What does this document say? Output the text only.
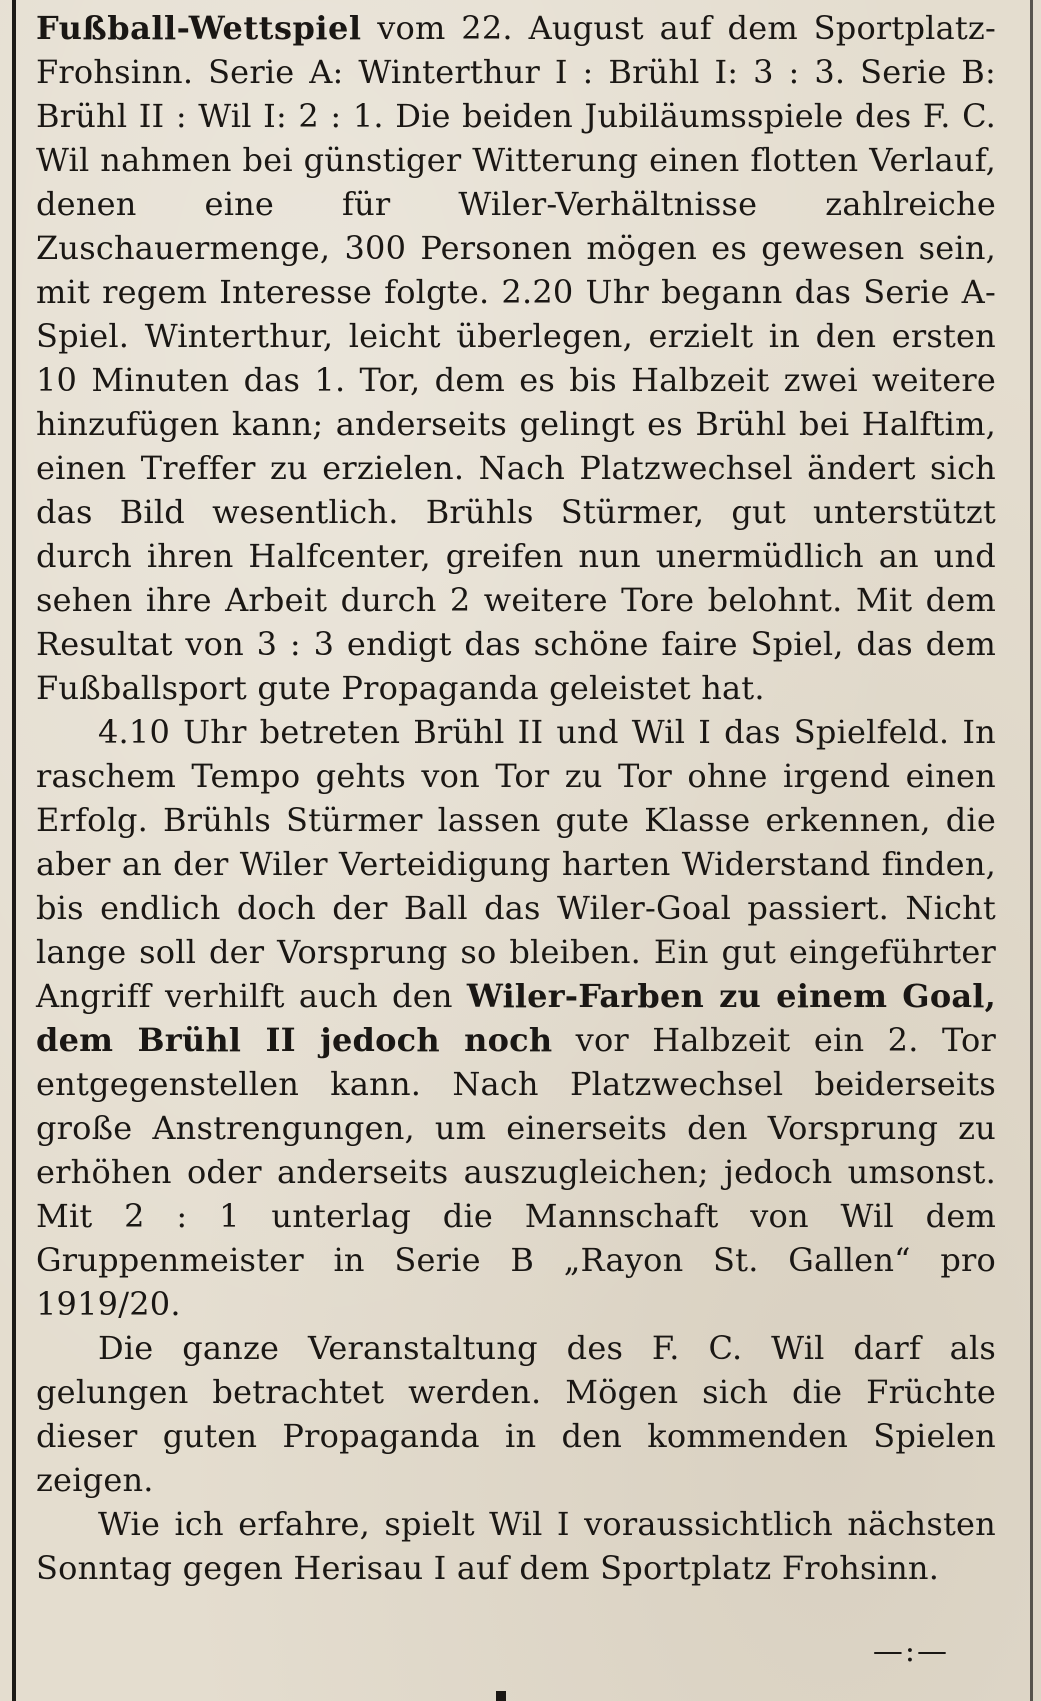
Fußball-Wettspiel vom 22. August auf dem Sportplatz-Frohsinn. Serie A: Winterthur I : Brühl I: 3 : 3. Serie B: Brühl II : Wil I: 2 : 1. Die beiden Jubiläumsspiele des F. C. Wil nahmen bei günstiger Witterung einen flotten Verlauf, denen eine für Wiler-Verhältnisse zahlreiche Zuschauermenge, 300 Personen mögen es gewesen sein, mit regem Interesse folgte. 2.20 Uhr begann das Serie A-Spiel. Winterthur, leicht überlegen, erzielt in den ersten 10 Minuten das 1. Tor, dem es bis Halbzeit zwei weitere hinzufügen kann; anderseits gelingt es Brühl bei Halftim, einen Treffer zu erzielen. Nach Platzwechsel ändert sich das Bild wesentlich. Brühls Stürmer, gut unterstützt durch ihren Halfcenter, greifen nun unermüdlich an und sehen ihre Arbeit durch 2 weitere Tore belohnt. Mit dem Resultat von 3 : 3 endigt das schöne faire Spiel, das dem Fußballsport gute Propaganda geleistet hat.

4.10 Uhr betreten Brühl II und Wil I das Spielfeld. In raschem Tempo gehts von Tor zu Tor ohne irgend einen Erfolg. Brühls Stürmer lassen gute Klasse erkennen, die aber an der Wiler Verteidigung harten Widerstand finden, bis endlich doch der Ball das Wiler-Goal passiert. Nicht lange soll der Vorsprung so bleiben. Ein gut eingeführter Angriff verhilft auch den Wiler-Farben zu einem Goal, dem Brühl II jedoch noch vor Halbzeit ein 2. Tor entgegenstellen kann. Nach Platzwechsel beiderseits große Anstrengungen, um einerseits den Vorsprung zu erhöhen oder anderseits auszugleichen; jedoch umsonst. Mit 2 : 1 unterlag die Mannschaft von Wil dem Gruppenmeister in Serie B „Rayon St. Gallen“ pro 1919/20.

Die ganze Veranstaltung des F. C. Wil darf als gelungen betrachtet werden. Mögen sich die Früchte dieser guten Propaganda in den kommenden Spielen zeigen.

Wie ich erfahre, spielt Wil I voraussichtlich nächsten Sonntag gegen Herisau I auf dem Sportplatz Frohsinn.

—:—
